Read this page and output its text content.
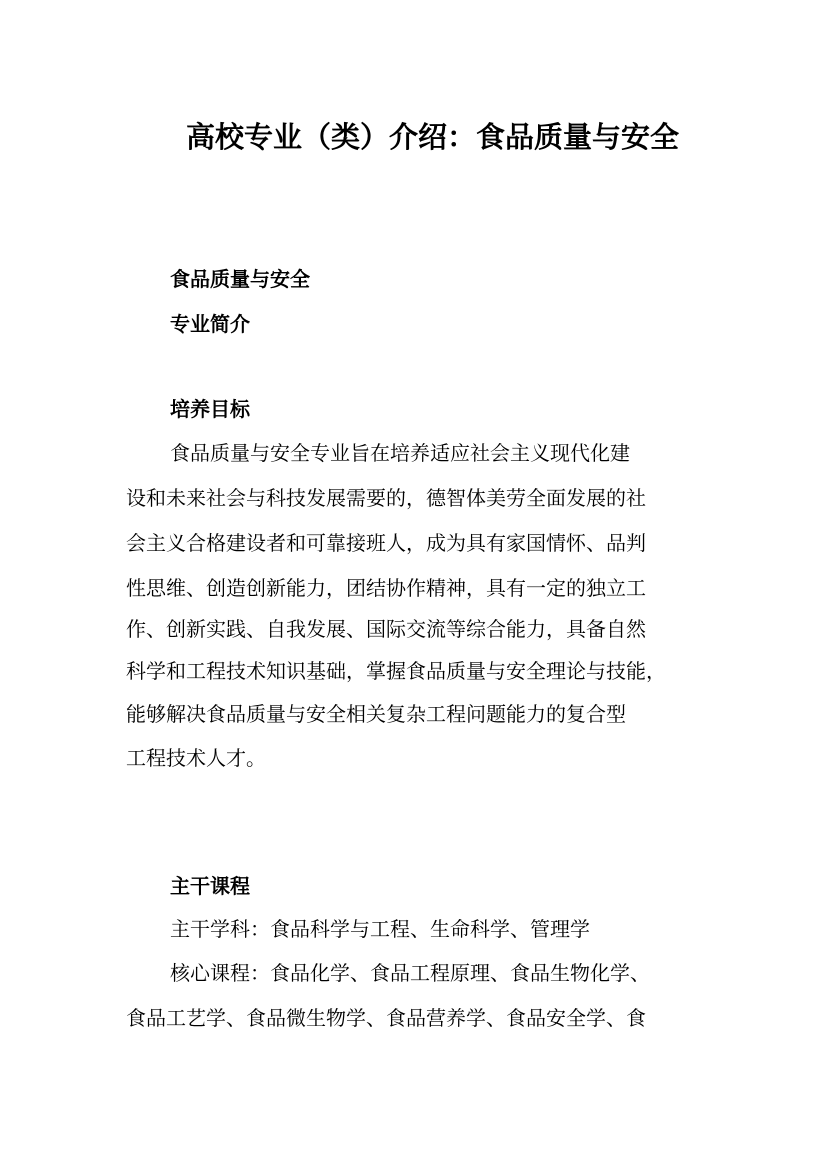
高校专业（类）介绍：食品质量与安全
食品质量与安全
专业简介
培养目标
食品质量与安全专业旨在培养适应社会主义现代化建
设和未来社会与科技发展需要的，德智体美劳全面发展的社
会主义合格建设者和可靠接班人，成为具有家国情怀、品判
性思维、创造创新能力，团结协作精神，具有一定的独立工
作、创新实践、自我发展、国际交流等综合能力，具备自然
科学和工程技术知识基础，掌握食品质量与安全理论与技能，
能够解决食品质量与安全相关复杂工程问题能力的复合型
工程技术人才。
主干课程
主干学科：食品科学与工程、生命科学、管理学
核心课程：食品化学、食品工程原理、食品生物化学、
食品工艺学、食品微生物学、食品营养学、食品安全学、食
